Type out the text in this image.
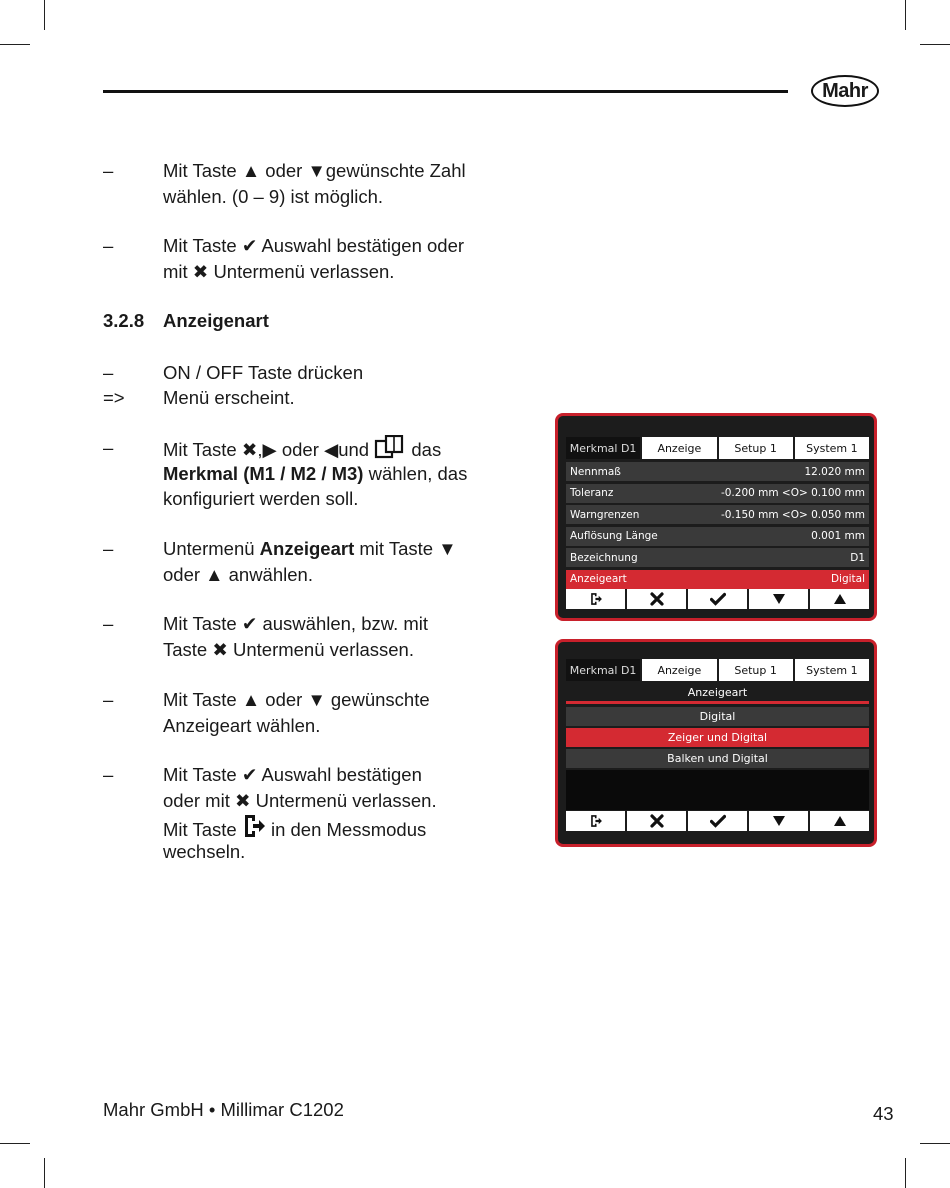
Mahr
–	Mit Taste ▲ oder ▼gewünschte Zahl
wählen. (0 – 9) ist möglich.
–	Mit Taste ✔ Auswahl bestätigen oder
mit ✖ Untermenü verlassen.
3.2.8 Anzeigenart
–	ON / OFF Taste drücken
=> Menü erscheint.
–	Mit Taste ✖,▶ oder ◀und das
Merkmal (M1 / M2 / M3) wählen, das
konfiguriert werden soll.
–	Untermenü Anzeigeart mit Taste ▼
oder ▲ anwählen.
–	Mit Taste ✔ auswählen, bzw. mit
Taste ✖ Untermenü verlassen.
–	Mit Taste ▲ oder ▼ gewünschte
Anzeigeart wählen.
–	Mit Taste ✔ Auswahl bestätigen
oder mit ✖ Untermenü verlassen.
Mit Taste  in den Messmodus
wechseln.
Merkmal D1	Anzeige	Setup 1	System 1
Nennmaß	12.020 mm
Toleranz	-0.200 mm <O> 0.100 mm
Warngrenzen	-0.150 mm <O> 0.050 mm
Auflösung Länge	0.001 mm
Bezeichnung	D1
Anzeigeart	Digital
Merkmal D1	Anzeige	Setup 1	System 1
Anzeigeart
Digital
Zeiger und Digital
Balken und Digital
Mahr GmbH • Millimar C1202	43
